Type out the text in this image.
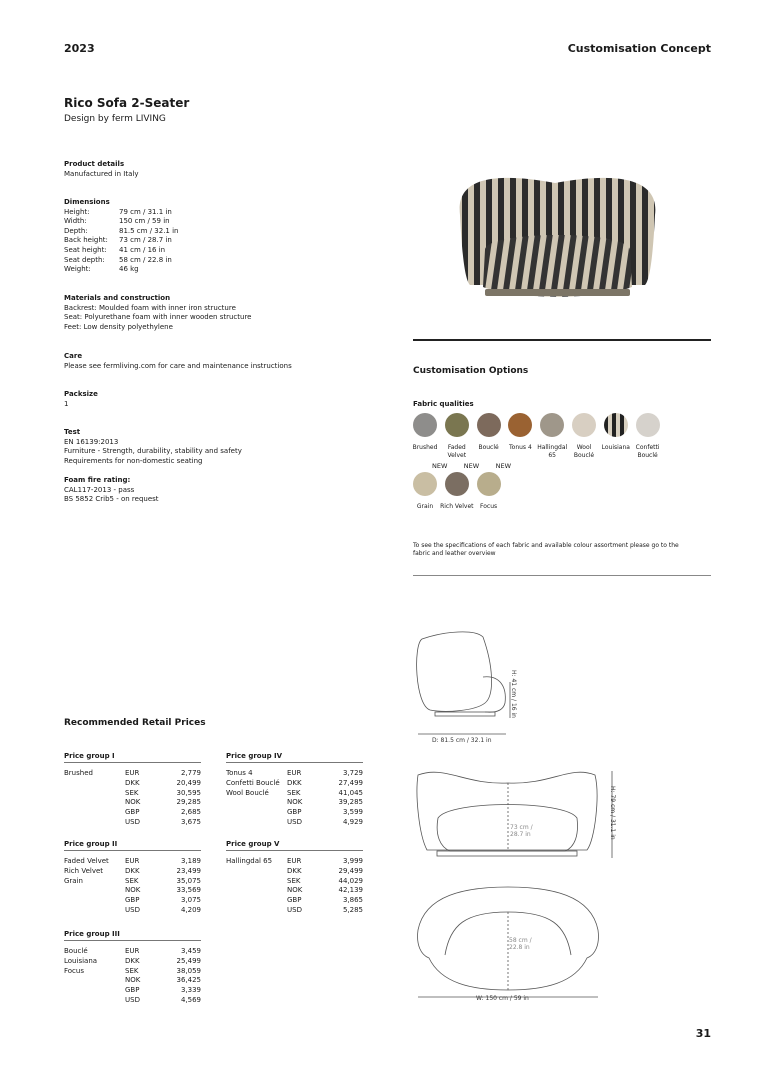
2023	Customisation Concept
Rico Sofa 2-Seater
Design by ferm LIVING
Product details
Manufactured in Italy
Dimensions
Height:	79 cm / 31.1 in
Width:	150 cm / 59 in
Depth:	81.5 cm / 32.1 in
Back height:	73 cm / 28.7 in
Seat height:	41 cm / 16 in
Seat depth:	58 cm / 22.8 in
Weight:	46 kg
Materials and construction
Backrest: Moulded foam with inner iron structure
Seat: Polyurethane foam with inner wooden structure
Feet: Low density polyethylene
Care
Please see fermliving.com for care and maintenance instructions
Packsize
1
Test
EN 16139:2013
Furniture - Strength, durability, stability and safety
Requirements for non-domestic seating
Foam fire rating:
CAL117-2013 - pass
BS 5852 Crib5 - on request
Customisation Options
Fabric qualities
Brushed	Faded Velvet
Bouclé	Tonus 4 Hallingdal 65
Wool Bouclé
Louisiana Confetti Bouclé
Grain
NEW
Rich Velvet
NEW
Focus
NEW
To see the specifications of each fabric and available colour assortment please go to the fabric and leather overview
H: 41 cm / 16 in
D: 81.5 cm / 32.1 in
H: 79 cm / 31.1 in
73 cm / 28.7 in
58 cm / 22.8 in
W: 150 cm / 59 in
Recommended Retail Prices
Price group I
Brushed	EUR	2,779
DKK	20,499
SEK	30,595
NOK	29,285
GBP	2,685
USD	3,675
Price group II
Faded Velvet	EUR	3,189
Rich Velvet	DKK	23,499
Grain	SEK	35,075
NOK	33,569
GBP	3,075
USD	4,209
Price group III
Bouclé	EUR	3,459
Louisiana	DKK	25,499
Focus	SEK	38,059
NOK	36,425
GBP	3,339
USD	4,569
Price group IV
Tonus 4	EUR	3,729
Confetti Bouclé	DKK	27,499
Wool Bouclé	SEK	41,045
NOK	39,285
GBP	3,599
USD	4,929
Price group V
Hallingdal 65	EUR	3,999
DKK	29,499
SEK	44,029
NOK	42,139
GBP	3,865
USD	5,285
31
